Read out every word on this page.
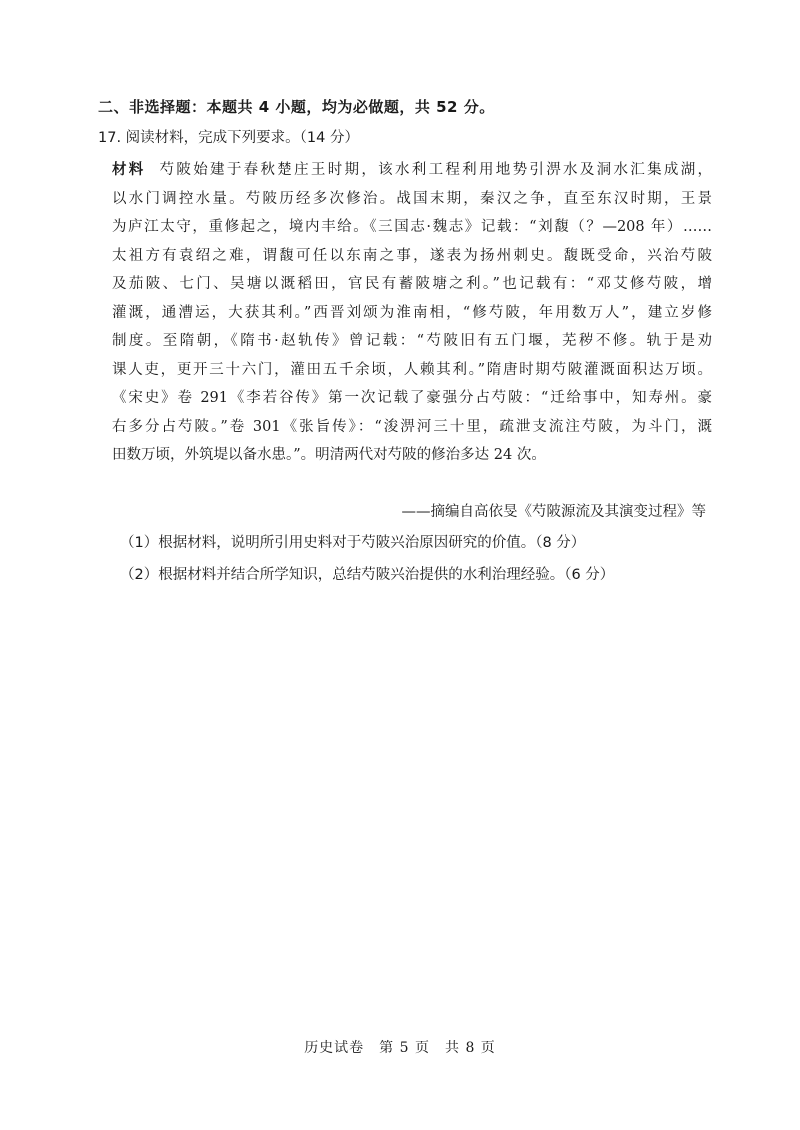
二、非选择题：本题共 4 小题，均为必做题，共 52 分。
17. 阅读材料，完成下列要求。（14 分）
材料 芍陂始建于春秋楚庄王时期，该水利工程利用地势引淠水及洞水汇集成湖，
以水门调控水量。芍陂历经多次修治。战国末期，秦汉之争，直至东汉时期，王景
为庐江太守，重修起之，境内丰给。《三国志·魏志》记载：“刘馥（？—208 年）……
太祖方有袁绍之难，谓馥可任以东南之事，遂表为扬州刺史。馥既受命，兴治芍陂
及茄陂、七门、吴塘以溉稻田，官民有蓄陂塘之利。”也记载有：“邓艾修芍陂，增
灌溉，通漕运，大获其利。”西晋刘颂为淮南相，“修芍陂，年用数万人”，建立岁修
制度。至隋朝，《隋书·赵轨传》曾记载：“芍陂旧有五门堰，芜秽不修。轨于是劝
课人吏，更开三十六门，灌田五千余顷，人赖其利。”隋唐时期芍陂灌溉面积达万顷。
《宋史》卷 291《李若谷传》第一次记载了豪强分占芍陂：“迁给事中，知寿州。豪
右多分占芍陂。”卷 301《张旨传》：“浚淠河三十里，疏泄支流注芍陂，为斗门，溉
田数万顷，外筑堤以备水患。”。明清两代对芍陂的修治多达 24 次。
——摘编自高依旻《芍陂源流及其演变过程》等
（1）根据材料，说明所引用史料对于芍陂兴治原因研究的价值。（8 分）
（2）根据材料并结合所学知识，总结芍陂兴治提供的水利治理经验。（6 分）
历史试卷　第 5 页　共 8 页
